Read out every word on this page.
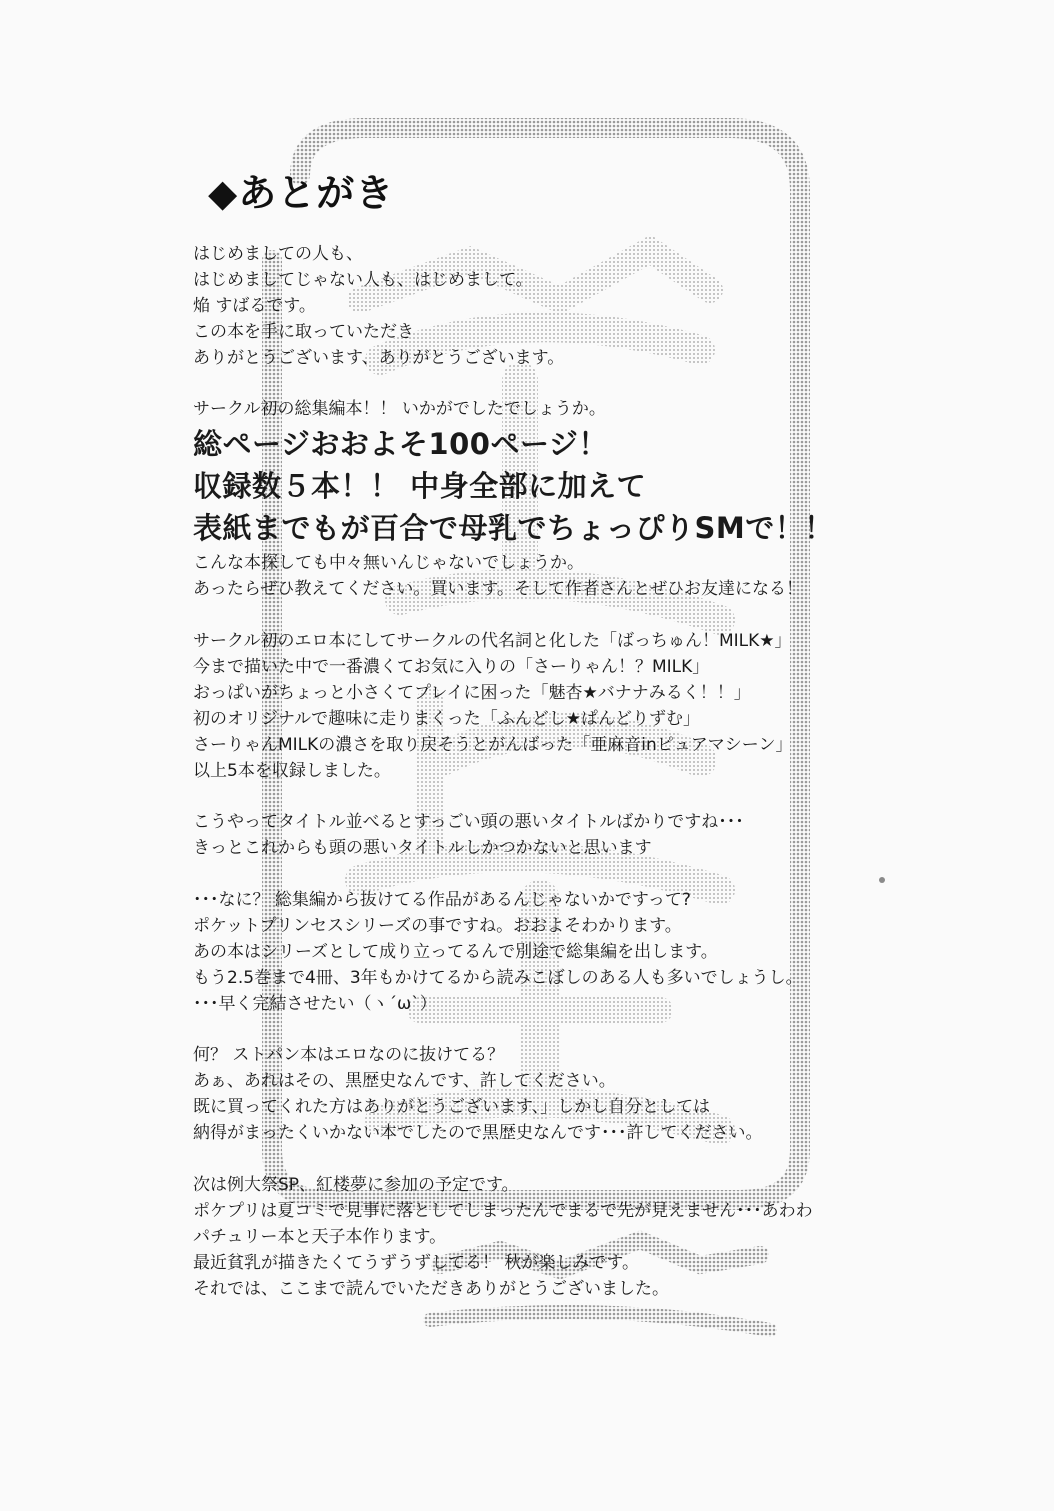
◆あとがき
はじめましての人も、
はじめましてじゃない人も、はじめまして。
焔 すばるです。
この本を手に取っていただき
ありがとうございます、ありがとうございます。
サークル初の総集編本！！ いかがでしたでしょうか。
総ページおおよそ100ページ！
収録数５本！！ 中身全部に加えて
表紙までもが百合で母乳でちょっぴりSMで！！
こんな本探しても中々無いんじゃないでしょうか。
あったらぜひ教えてください。買います。そして作者さんとぜひお友達になる！
サークル初のエロ本にしてサークルの代名詞と化した「ばっちゅん！MILK★」
今まで描いた中で一番濃くてお気に入りの「さーりゃん！？MILK」
おっぱいがちょっと小さくてプレイに困った「魅杏★バナナみるく！！」
初のオリジナルで趣味に走りまくった「ふんどし★ぱんどりずむ」
さーりゃんMILKの濃さを取り戻そうとがんばった「亜麻音inピュアマシーン」
以上5本を収録しました。
こうやってタイトル並べるとすっごい頭の悪いタイトルばかりですね･･･
きっとこれからも頭の悪いタイトルしかつかないと思います
･･･なに？ 総集編から抜けてる作品があるんじゃないかですって?
ポケットプリンセスシリーズの事ですね。おおよそわかります。
あの本はシリーズとして成り立ってるんで別途で総集編を出します。
もう2.5巻まで4冊、3年もかけてるから読みこぼしのある人も多いでしょうし。
･･･早く完結させたい（ヽ´ω`）
何？ ストパン本はエロなのに抜けてる？
あぁ、あれはその、黒歴史なんです、許してください。
既に買ってくれた方はありがとうございます、」しかし自分としては
納得がまったくいかない本でしたので黒歴史なんです･･･許してください。
次は例大祭SP、紅楼夢に参加の予定です。
ポケプリは夏コミで見事に落としてしまったんでまるで先が見えません･･･あわわ
パチュリー本と天子本作ります。
最近貧乳が描きたくてうずうずしてる！ 秋が楽しみです。
それでは、ここまで読んでいただきありがとうございました。
